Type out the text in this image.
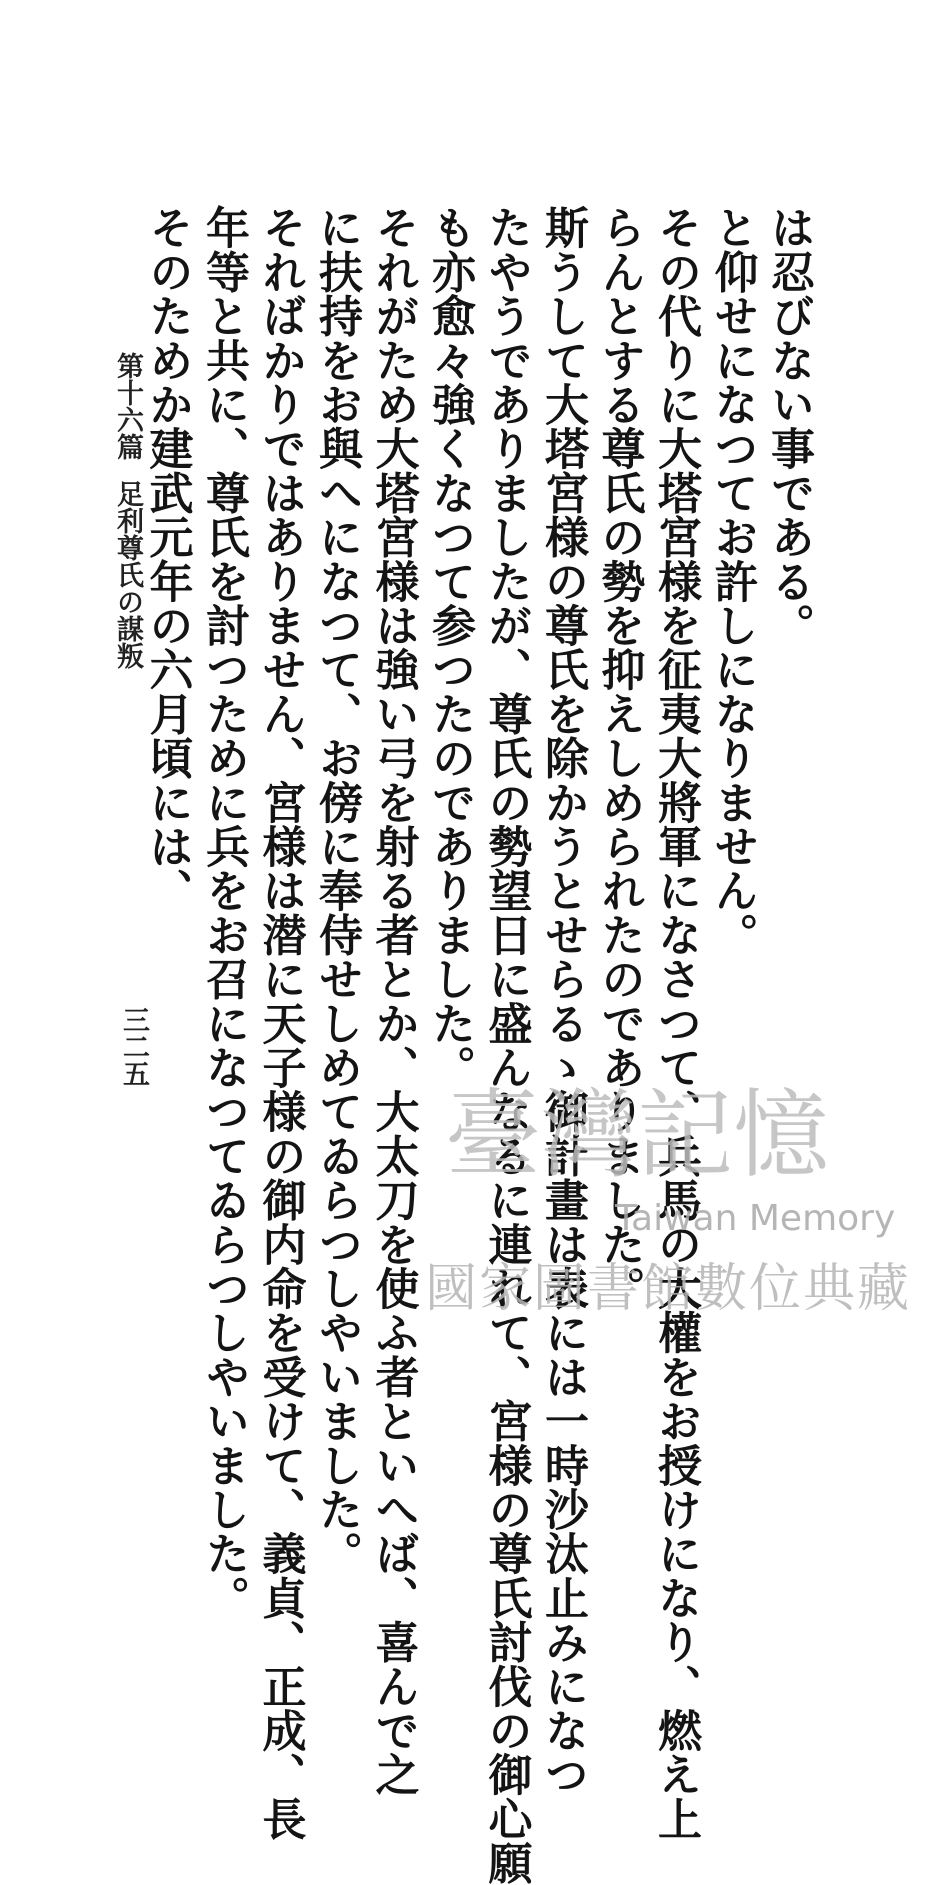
は忍びない事である。
と仰せになつてお許しになりません。
その代りに大塔宮様を征夷大將軍になさつて、兵馬の大權をお授けになり、燃え上
らんとする尊氏の勢を抑えしめられたのでありました。
斯うして大塔宮様の尊氏を除かうとせらるゝ御計畫は表には一時沙汰止みになつ
たやうでありましたが、尊氏の勢望日に盛んなるに連れて、宮様の尊氏討伐の御心願
も亦愈々強くなつて参つたのでありました。
それがため大塔宮様は強い弓を射る者とか、大太刀を使ふ者といへば、喜んで之
に扶持をお與へになつて、お傍に奉侍せしめてゐらつしやいました。
そればかりではありません、宮様は潜に天子様の御内命を受けて、義貞、正成、長
年等と共に、尊氏を討つために兵をお召になつてゐらつしやいました。
そのためか建武元年の六月頃には、
第十六篇足利尊氏の謀叛
三二五
臺灣記憶
Taiwan Memory
國家圖書館數位典藏
